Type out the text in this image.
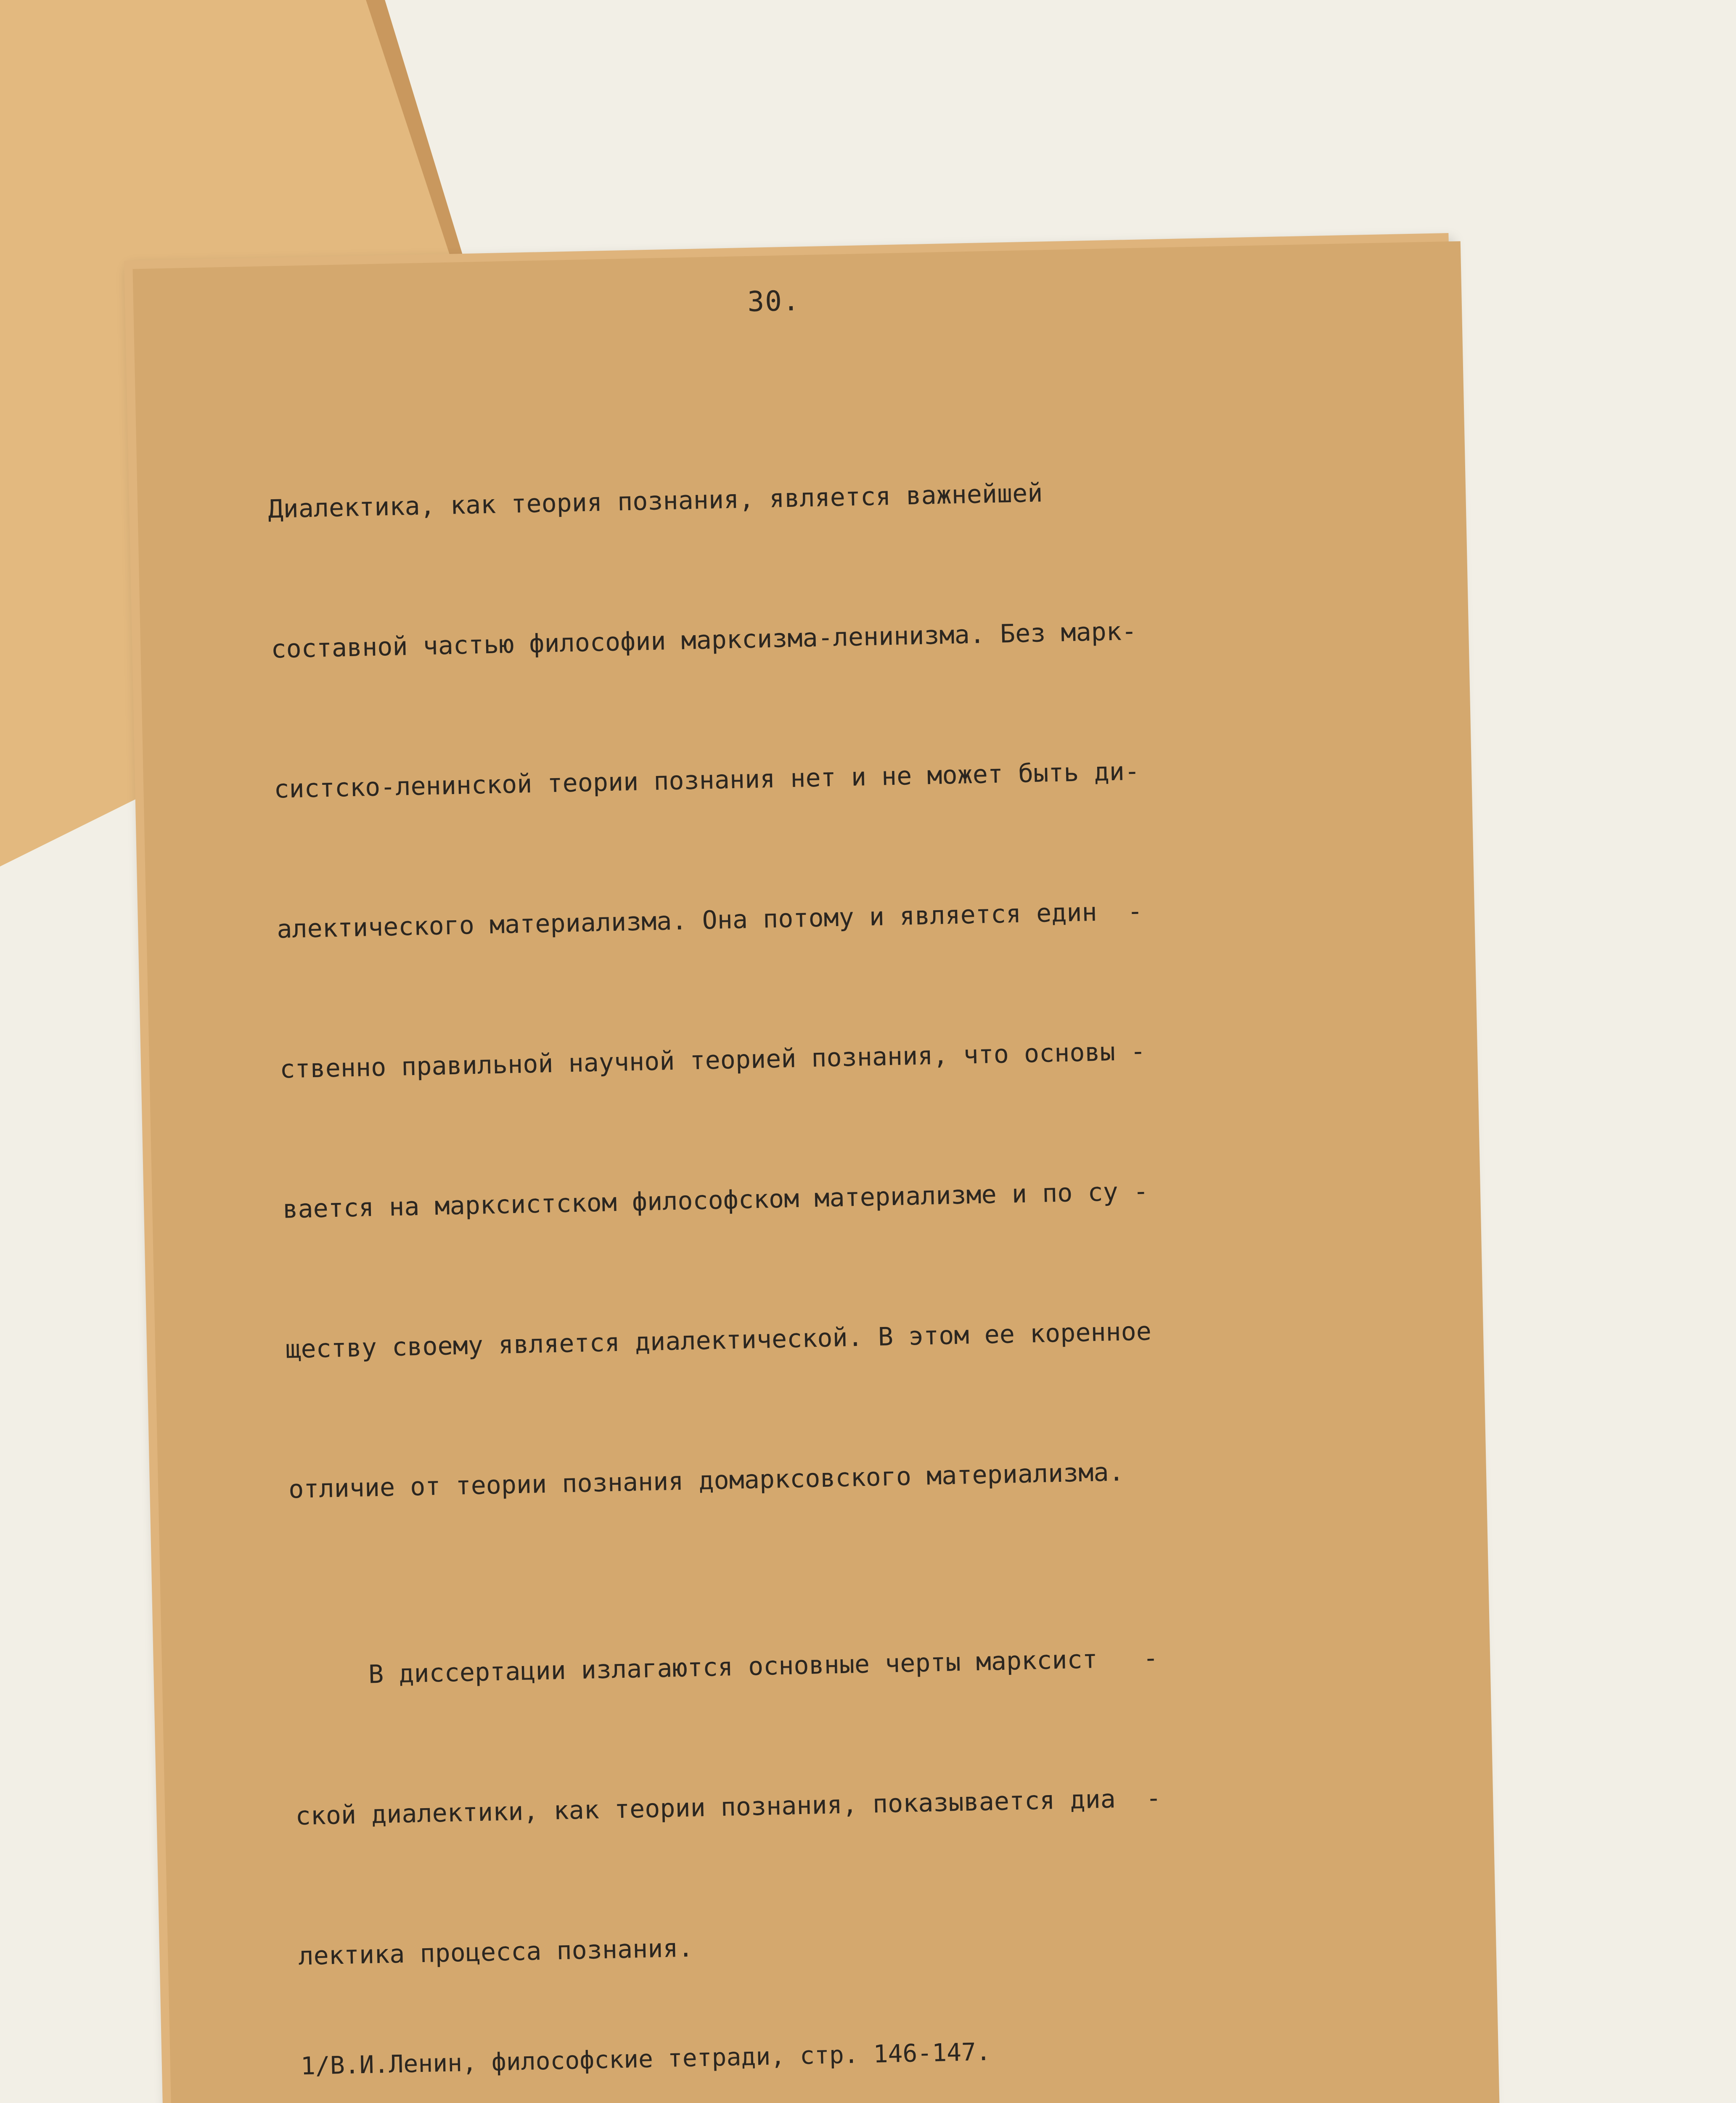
30.

Диалектика, как теория познания, является важнейшей

составной частью философии марксизма-ленинизма. Без марк-

систско-ленинской теории познания нет и не может быть ди-

алектического материализма. Она потому и является един  -

ственно правильной научной теорией познания, что основы -

вается на марксистском философском материализме и по су -

ществу своему является диалектической. В этом ее коренное

отличие от теории познания домарксовского материализма.

В диссертации излагаются основные черты марксист   -

ской диалектики, как теории познания, показывается диа  -

лектика процесса познания.

1/В.И.Ленин, философские тетради, стр. 146-147.
